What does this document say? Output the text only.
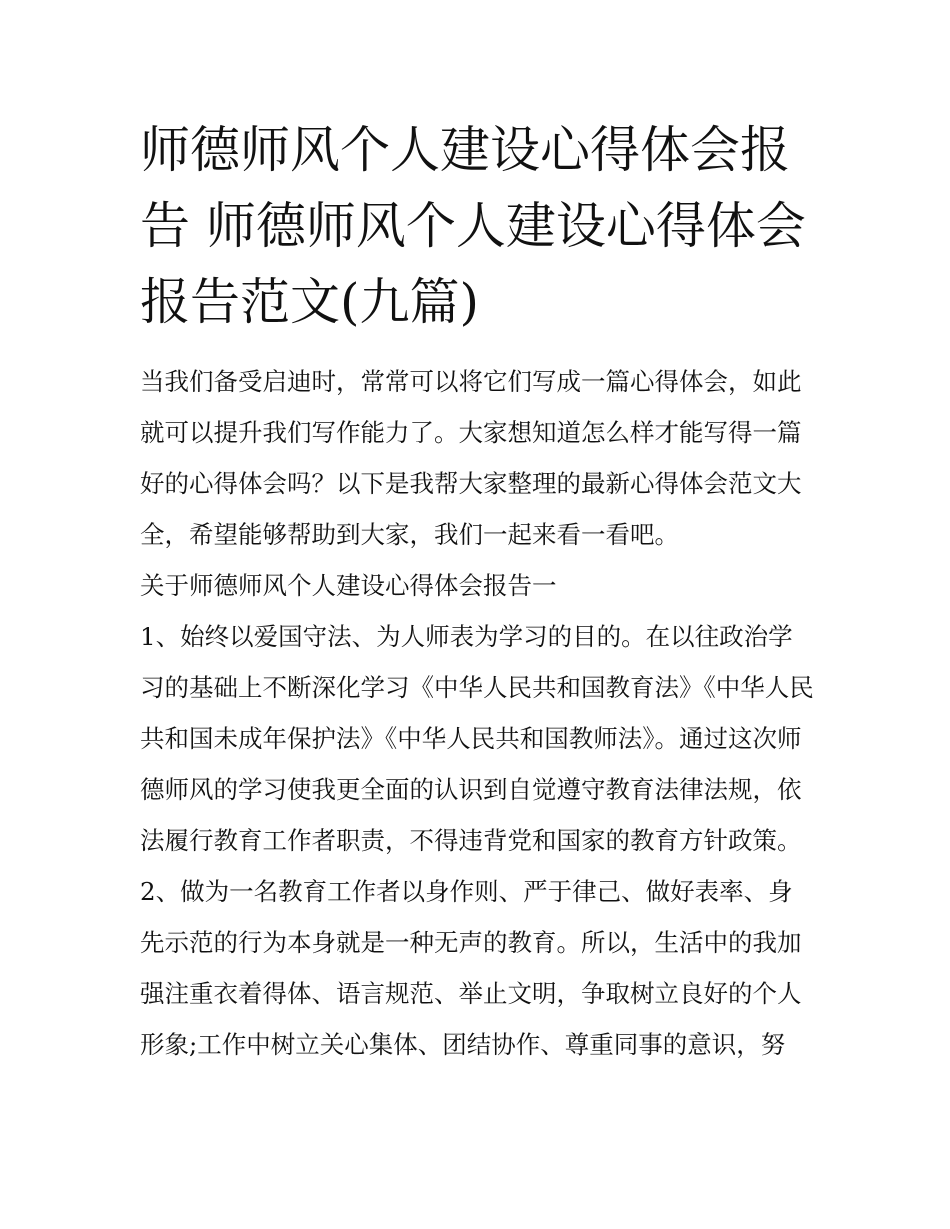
师德师风个人建设心得体会报告 师德师风个人建设心得体会报告范文(九篇)

当我们备受启迪时，常常可以将它们写成一篇心得体会，如此就可以提升我们写作能力了。大家想知道怎么样才能写得一篇好的心得体会吗？以下是我帮大家整理的最新心得体会范文大全，希望能够帮助到大家，我们一起来看一看吧。

关于师德师风个人建设心得体会报告一

1、始终以爱国守法、为人师表为学习的目的。在以往政治学习的基础上不断深化学习《中华人民共和国教育法》《中华人民共和国未成年保护法》《中华人民共和国教师法》。通过这次师德师风的学习使我更全面的认识到自觉遵守教育法律法规，依法履行教育工作者职责，不得违背党和国家的教育方针政策。

2、做为一名教育工作者以身作则、严于律己、做好表率、身先示范的行为本身就是一种无声的教育。所以，生活中的我加强注重衣着得体、语言规范、举止文明，争取树立良好的个人形象;工作中树立关心集体、团结协作、尊重同事的意识，努
